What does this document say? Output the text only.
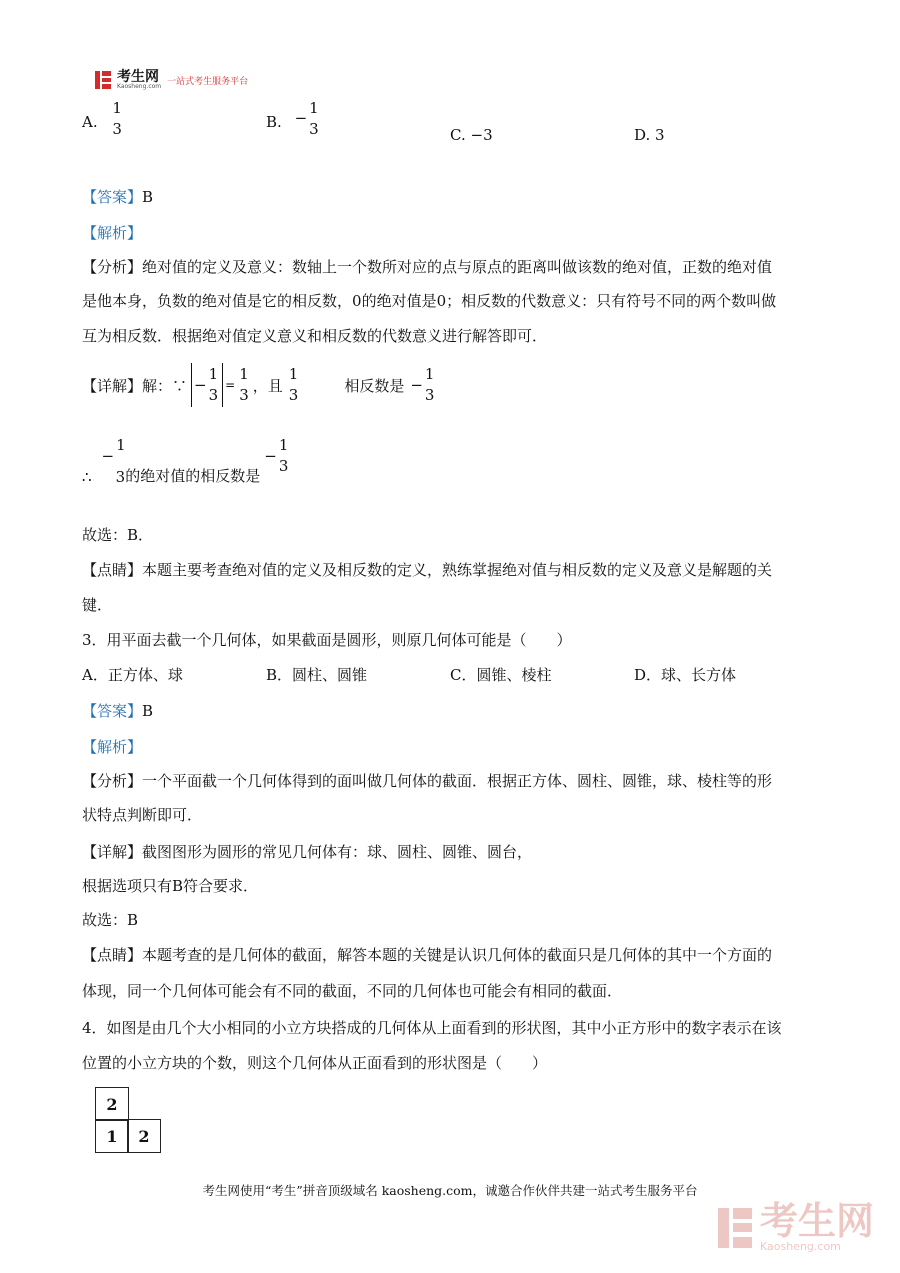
考生网
Kaosheng.com 一站式考生服务平台
A.
1
3	B. −
1
3	C. −3	D. 3
【答案】B
【解析】
【分析】绝对值的定义及意义：数轴上一个数所对应的点与原点的距离叫做该数的绝对值，正数的绝对值
是他本身，负数的绝对值是它的相反数，0的绝对值是0；相反数的代数意义：只有符号不同的两个数叫做
互为相反数．根据绝对值定义意义和相反数的代数意义进行解答即可．
【详解】 解：∵ −
1
3
=
1
3
，且
1
3
相反数是 −
1
3
∴
−
1
3 的绝对值的相反数是
−
1
3
故选：B．
【点睛】本题主要考查绝对值的定义及相反数的定义，熟练掌握绝对值与相反数的定义及意义是解题的关
键．
3．用平面去截一个几何体，如果截面是圆形，则原几何体可能是（　　）
A．正方体、球	B．圆柱、圆锥	C．圆锥、棱柱	D．球、长方体
【答案】B
【解析】
【分析】一个平面截一个几何体得到的面叫做几何体的截面．根据正方体、圆柱、圆锥，球、棱柱等的形
状特点判断即可．
【详解】截图图形为圆形的常见几何体有：球、圆柱、圆锥、圆台，
根据选项只有B符合要求．
故选：B
【点睛】本题考查的是几何体的截面，解答本题的关键是认识几何体的截面只是几何体的其中一个方面的
体现，同一个几何体可能会有不同的截面，不同的几何体也可能会有相同的截面．
4．如图是由几个大小相同的小立方块搭成的几何体从上面看到的形状图，其中小正方形中的数字表示在该
位置的小立方块的个数，则这个几何体从正面看到的形状图是（　　）
2
1	2
考生网使用“考生”拼音顶级域名 kaosheng.com，诚邀合作伙伴共建一站式考生服务平台
考生网
Kaosheng.com
